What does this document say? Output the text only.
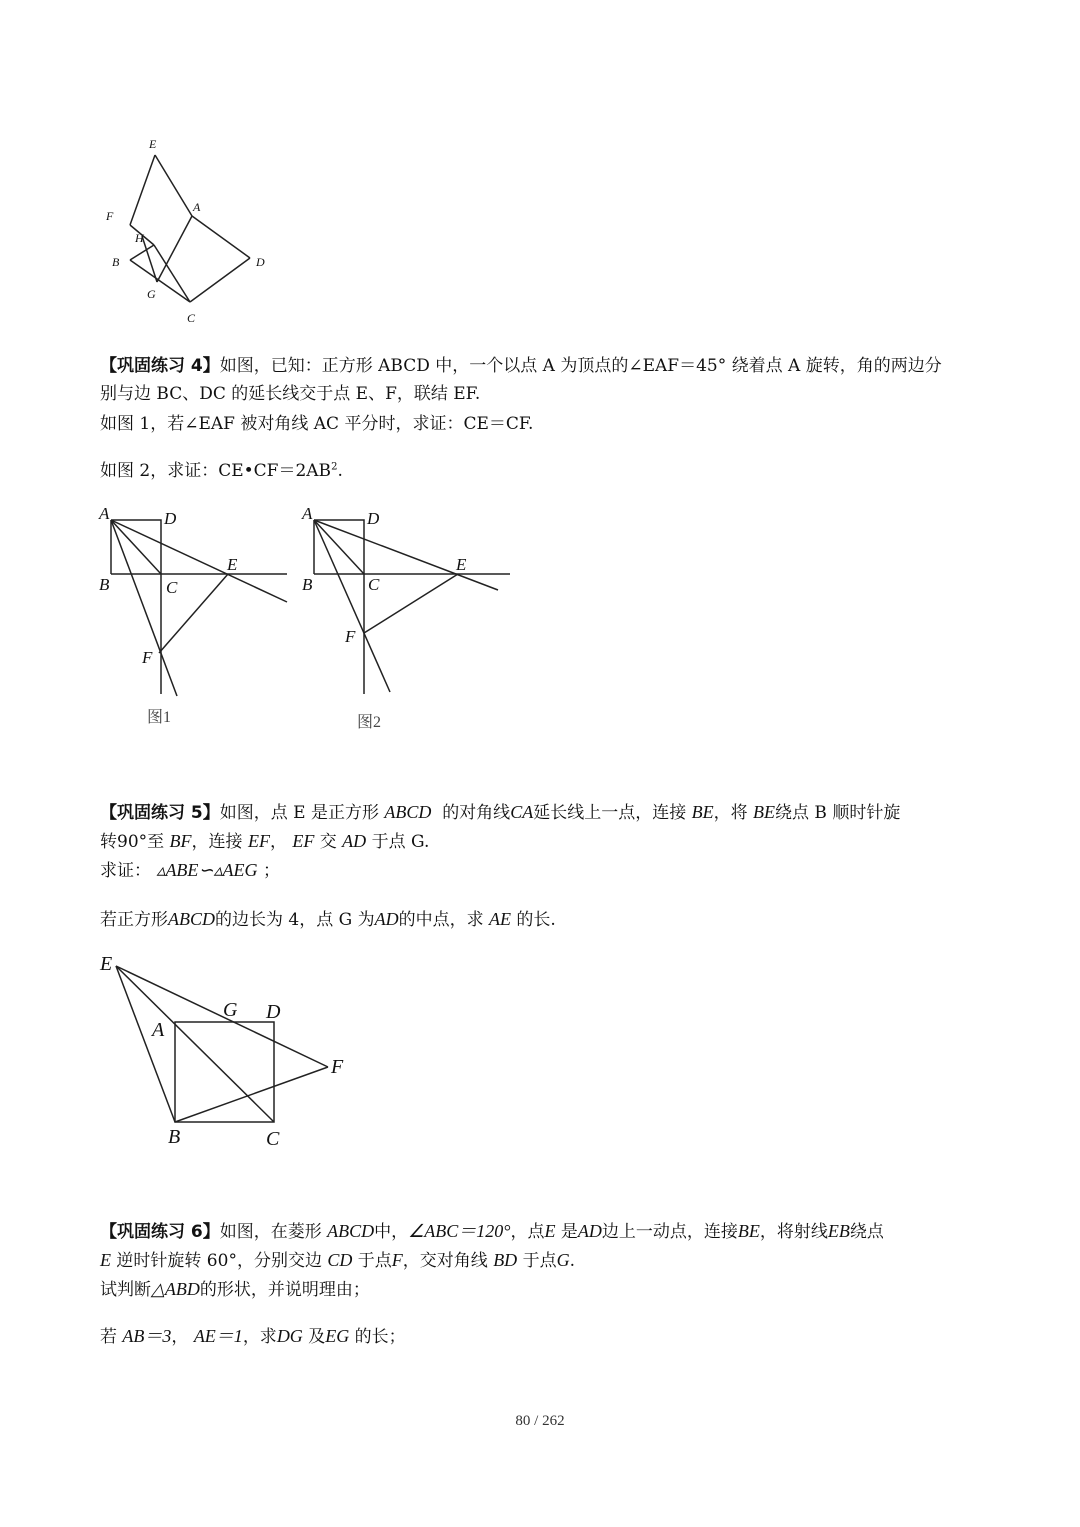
E
A
F
H
B	D
G
C
【巩固练习 4】如图，已知：正方形 ABCD 中，一个以点 A 为顶点的∠EAF＝45° 绕着点 A 旋转，角的两边分
别与边 BC、DC 的延长线交于点 E、F，联结 EF.
如图 1，若∠EAF 被对角线 AC 平分时，求证：CE＝CF.
如图 2，求证：$CE•CF=2AB^2$.
A	D
B	C
E
F
图1
A	D
B	C
E
F
图2
【巩固练习 5】如图，点 E 是正方形 ABCD 的对角线CA延长线上一点，连接 BE，将 BE绕点 B 顺时针旋
转90°至 BF，连接 EF， EF 交 AD 于点 G.
求证： ▵ABE∽▵AEG ；
若正方形ABCD的边长为 4，点 G 为AD的中点，求 AE 的长.
E
A
G D
F
B	C
【巩固练习 6】如图，在菱形 ABCD中，∠ABC＝120°，点E 是AD边上一动点，连接BE，将射线EB绕点
E 逆时针旋转 60°，分别交边 CD 于点F，交对角线 BD 于点G.
试判断△ABD的形状，并说明理由；
若 AB＝3， AE＝1，求DG 及EG 的长；
80 / 262
